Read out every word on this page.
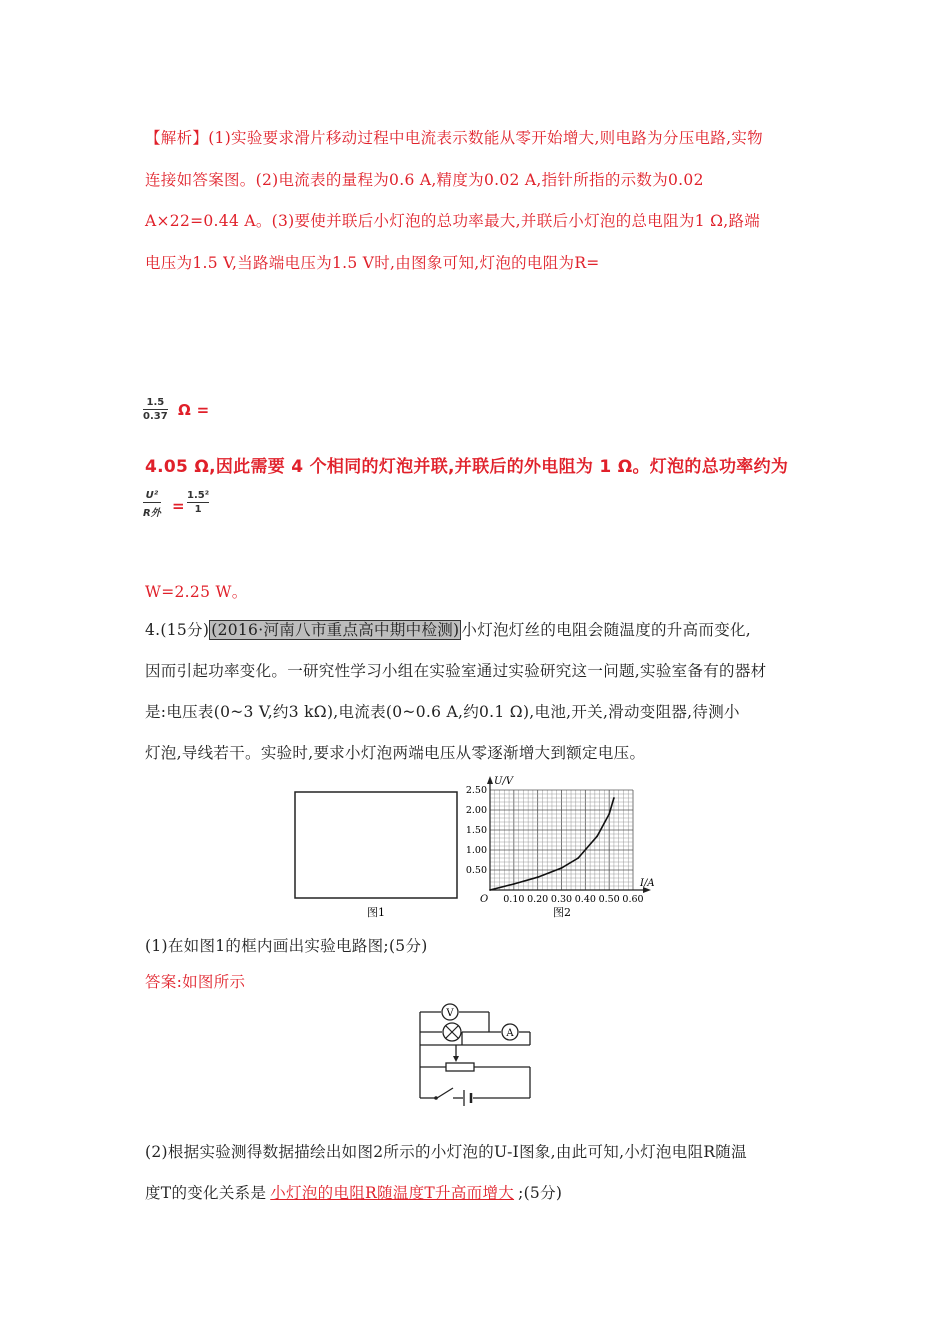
【解析】(1)实验要求滑片移动过程中电流表示数能从零开始增大,则电路为分压电路,实物
连接如答案图。(2)电流表的量程为0.6 A,精度为0.02 A,指针所指的示数为0.02
A×22=0.44 A。(3)要使并联后小灯泡的总功率最大,并联后小灯泡的总电阻为1 Ω,路端
电压为1.5 V,当路端电压为1.5 V时,由图象可知,灯泡的电阻为R=
1.5
0.37 Ω =
4.05 Ω,因此需要 4 个相同的灯泡并联,并联后的外电阻为 1 Ω。灯泡的总功率约为
U²
R外 =
1.5²
1
W=2.25 W。
4.(15分) (2016·河南八市重点高中期中检测) 小灯泡灯丝的电阻会随温度的升高而变化,
因而引起功率变化。一研究性学习小组在实验室通过实验研究这一问题,实验室备有的器材
是:电压表(0~3 V,约3 kΩ),电流表(0~0.6 A,约0.1 Ω),电池,开关,滑动变阻器,待测小
灯泡,导线若干。实验时,要求小灯泡两端电压从零逐渐增大到额定电压。
图1
U/V
I/A
O
2.50
2.00
1.50
1.00
0.50
0.10 0.20 0.30 0.40 0.50 0.60
图2
(1)在如图1的框内画出实验电路图;(5分)
答案:如图所示
V
A
(2)根据实验测得数据描绘出如图2所示的小灯泡的U-I图象,由此可知,小灯泡电阻R随温
度T的变化关系是 小灯泡的电阻R随温度T升高而增大 ;(5分)
